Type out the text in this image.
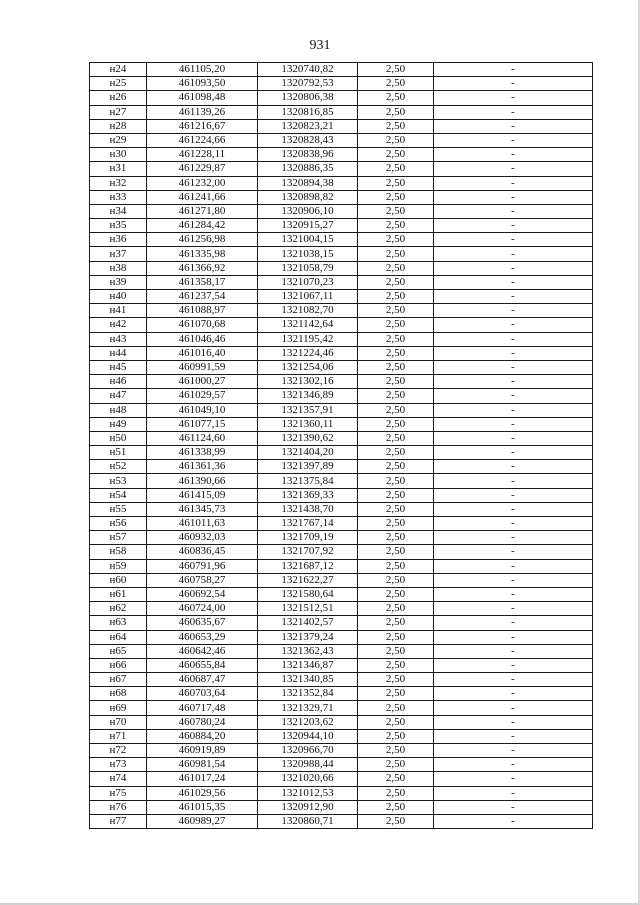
931
н24	461105,20	1320740,82	2,50	-
н25	461093,50	1320792,53	2,50	-
н26	461098,48	1320806,38	2,50	-
н27	461139,26	1320816,85	2,50	-
н28	461216,67	1320823,21	2,50	-
н29	461224,66	1320828,43	2,50	-
н30	461228,11	1320838,96	2,50	-
н31	461229,87	1320886,35	2,50	-
н32	461232,00	1320894,38	2,50	-
н33	461241,66	1320898,82	2,50	-
н34	461271,80	1320906,10	2,50	-
н35	461284,42	1320915,27	2,50	-
н36	461256,98	1321004,15	2,50	-
н37	461335,98	1321038,15	2,50	-
н38	461366,92	1321058,79	2,50	-
н39	461358,17	1321070,23	2,50	-
н40	461237,54	1321067,11	2,50	-
н41	461088,97	1321082,70	2,50	-
н42	461070,68	1321142,64	2,50	-
н43	461046,46	1321195,42	2,50	-
н44	461016,40	1321224,46	2,50	-
н45	460991,59	1321254,06	2,50	-
н46	461000,27	1321302,16	2,50	-
н47	461029,57	1321346,89	2,50	-
н48	461049,10	1321357,91	2,50	-
н49	461077,15	1321360,11	2,50	-
н50	461124,60	1321390,62	2,50	-
н51	461338,99	1321404,20	2,50	-
н52	461361,36	1321397,89	2,50	-
н53	461390,66	1321375,84	2,50	-
н54	461415,09	1321369,33	2,50	-
н55	461345,73	1321438,70	2,50	-
н56	461011,63	1321767,14	2,50	-
н57	460932,03	1321709,19	2,50	-
н58	460836,45	1321707,92	2,50	-
н59	460791,96	1321687,12	2,50	-
н60	460758,27	1321622,27	2,50	-
н61	460692,54	1321580,64	2,50	-
н62	460724,00	1321512,51	2,50	-
н63	460635,67	1321402,57	2,50	-
н64	460653,29	1321379,24	2,50	-
н65	460642,46	1321362,43	2,50	-
н66	460655,84	1321346,87	2,50	-
н67	460687,47	1321340,85	2,50	-
н68	460703,64	1321352,84	2,50	-
н69	460717,48	1321329,71	2,50	-
н70	460780,24	1321203,62	2,50	-
н71	460884,20	1320944,10	2,50	-
н72	460919,89	1320966,70	2,50	-
н73	460981,54	1320988,44	2,50	-
н74	461017,24	1321020,66	2,50	-
н75	461029,56	1321012,53	2,50	-
н76	461015,35	1320912,90	2,50	-
н77	460989,27	1320860,71	2,50	-
